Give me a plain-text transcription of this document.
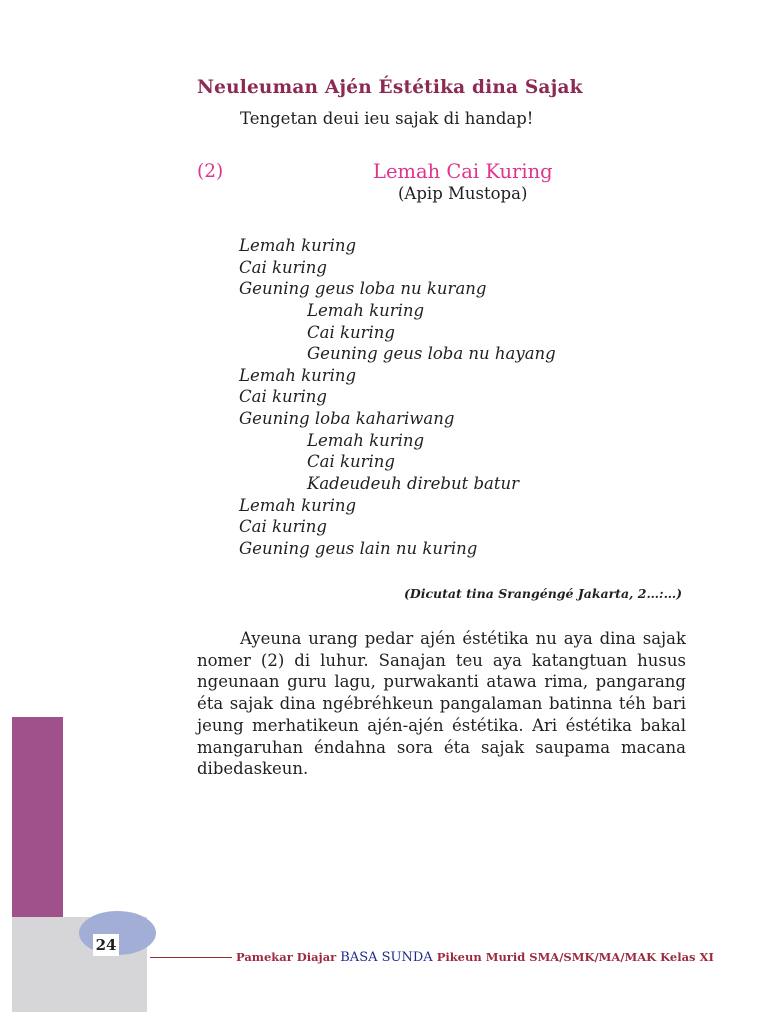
Neuleuman Ajén Éstétika dina Sajak

Tengetan deui ieu sajak di handap!

(2)	Lemah Cai Kuring

(Apip Mustopa)

Lemah kuring
Cai kuring
Geuning geus loba nu kurang
Lemah kuring
Cai kuring
Geuning geus loba nu hayang
Lemah kuring
Cai kuring
Geuning loba kahariwang
Lemah kuring
Cai kuring
Kadeudeuh direbut batur
Lemah kuring
Cai kuring
Geuning geus lain nu kuring

(Dicutat tina Srangéngé Jakarta, 2…:…)

Ayeuna urang pedar ajén éstétika nu aya dina sajak nomer (2) di luhur. Sanajan teu aya katangtuan husus ngeunaan guru lagu, purwakanti atawa rima, pangarang éta sajak dina ngébréhkeun pangalaman batinna téh bari jeung merhatikeun ajén-ajén éstétika. Ari éstétika bakal mangaruhan éndahna sora éta sajak saupama macana dibedaskeun.

24

Pamekar Diajar BASA SUNDA Pikeun Murid SMA/SMK/MA/MAK Kelas XI
